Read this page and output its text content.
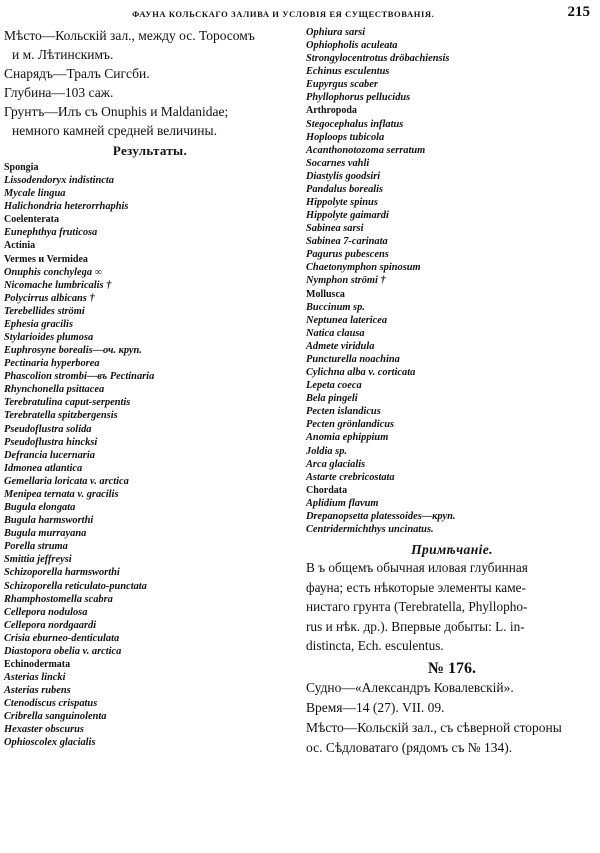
ФАУНА КОЛЬСКАГО ЗАЛИВА И УСЛОВІЯ ЕЯ СУЩЕСТВОВАНІЯ.	215
Мѣсто—Кольскій зал., между ос. Торосомъ
и м. Лѣтинскимъ.
Снарядъ—Тралъ Сигсби.
Глубина—103 саж.
Грунтъ—Илъ съ Onuphis и Maldanidae;
немного камней средней величины.
Результаты.
Spongia
Lissodendoryx indistincta
Mycale lingua
Halichondria heterorrhaphis
Coelenterata
Eunephthya fruticosa
Actinia
Vermes и Vermidea
Onuphis conchylega ∞
Nicomache lumbricalis †
Polycirrus albicans †
Terebellides strömi
Ephesia gracilis
Stylarioides plumosa
Euphrosyne borealis—оч. круп.
Pectinaria hyperborea
Phascolion strombi—въ Pectinaria
Rhynchonella psittacea
Terebratulina caput-serpentis
Terebratella spitzbergensis
Pseudoflustra solida
Pseudoflustra hincksi
Defrancia lucernaria
Idmonea atlantica
Gemellaria loricata v. arctica
Menipea ternata v. gracilis
Bugula elongata
Bugula harmsworthi
Bugula murrayana
Porella struma
Smittia jeffreysi
Schizoporella harmsworthi
Schizoporella reticulato-punctata
Rhamphostomella scabra
Cellepora nodulosa
Cellepora nordgaardi
Crisia eburneo-denticulata
Diastopora obelia v. arctica
Echinodermata
Asterias lincki
Asterias rubens
Ctenodiscus crispatus
Cribrella sanguinolenta
Hexaster obscurus
Ophioscolex glacialis
Ophiura sarsi
Ophiopholis aculeata
Strongylocentrotus dröbachiensis
Echinus esculentus
Eupyrgus scaber
Phyllophorus pellucidus
Arthropoda
Stegocephalus inflatus
Hoploops tubicola
Acanthonotozoma serratum
Socarnes vahli
Diastylis goodsiri
Pandalus borealis
Hippolyte spinus
Hippolyte gaimardi
Sabinea sarsi
Sabinea 7-carinata
Pagurus pubescens
Chaetonymphon spinosum
Nymphon strömi †
Mollusca
Buccinum sp.
Neptunea latericea
Natica clausa
Admete viridula
Puncturella noachina
Cylichna alba v. corticata
Lepeta coeca
Bela pingeli
Pecten islandicus
Pecten grönlandicus
Anomia ephippium
Joldia sp.
Arca glacialis
Astarte crebricostata
Chordata
Aplidium flavum
Drepanopsetta platessoides—круп.
Centridermichthys uncinatus.
Примѣчаніе.
В ъ общемъ обычная иловая глубинная
фауна; есть нѣкоторые элементы каме-
нистаго грунта (Terebratella, Phyllopho-
rus и нѣк. др.). Впервые добыты: L. in-
distincta, Ech. esculentus.
№ 176.
Судно—«Александръ Ковалевскій».
Время—14 (27). VII. 09.
Мѣсто—Кольскій зал., съ сѣверной стороны
ос. Сѣдловатаго (рядомъ съ № 134).
